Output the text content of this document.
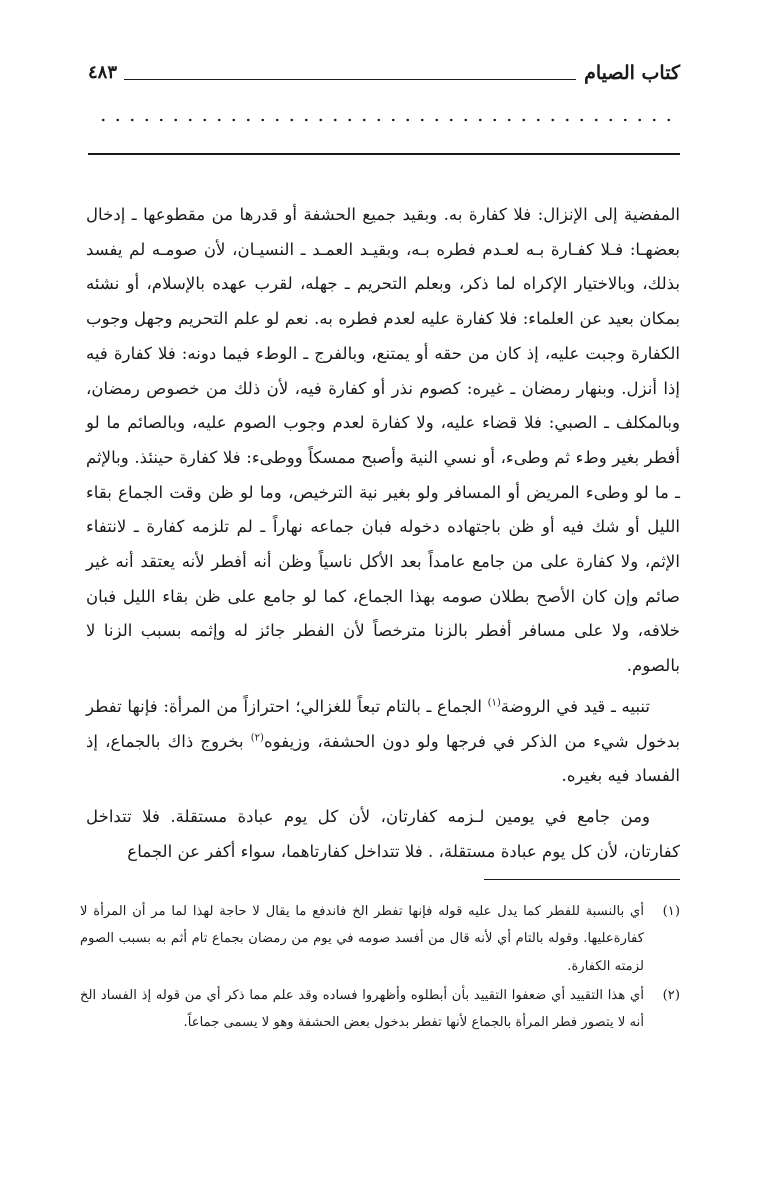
كتاب الصيام
٤٨٣

المفضية إلى الإنزال: فلا كفارة به. وبقيد جميع الحشفة أو قدرها من مقطوعها ـ إدخال بعضهـا: فـلا كفـارة بـه لعـدم فطره بـه، وبقيـد العمـد ـ النسيـان، لأن صومـه لم يفسد بذلك، وبالاختيار الإكراه لما ذكر، وبعلم التحريم ـ جهله، لقرب عهده بالإسلام، أو نشئه بمكان بعيد عن العلماء: فلا كفارة عليه لعدم فطره به. نعم لو علم التحريم وجهل وجوب الكفارة وجبت عليه، إذ كان من حقه أو يمتنع، وبالفرج ـ الوطء فيما دونه: فلا كفارة فيه إذا أنزل. وبنهار رمضان ـ غيره: كصوم نذر أو كفارة فيه، لأن ذلك من خصوص رمضان، وبالمكلف ـ الصبي: فلا قضاء عليه، ولا كفارة لعدم وجوب الصوم عليه، وبالصائم ما لو أفطر بغير وطء ثم وطىء، أو نسي النية وأصبح ممسكاً ووطىء: فلا كفارة حينئذ. وبالإثم ـ ما لو وطىء المريض أو المسافر ولو بغير نية الترخيص، وما لو ظن وقت الجماع بقاء الليل أو شك فيه أو ظن باجتهاده دخوله فبان جماعه نهاراً ـ لم تلزمه كفارة ـ لانتفاء الإثم، ولا كفارة على من جامع عامداً بعد الأكل ناسياً وظن أنه أفطر لأنه يعتقد أنه غير صائم وإن كان الأصح بطلان صومه بهذا الجماع، كما لو جامع على ظن بقاء الليل فبان خلافه، ولا على مسافر أفطر بالزنا مترخصاً لأن الفطر جائز له وإثمه بسبب الزنا لا بالصوم.

تنبيه ـ قيد في الروضة$^{(١)}$ الجماع ـ بالتام تبعاً للغزالي؛ احترازاً من المرأة: فإنها تفطر بدخول شيء من الذكر في فرجها ولو دون الحشفة، وزيفوه$^{(٢)}$ بخروج ذاك بالجماع، إذ الفساد فيه بغيره.

ومن جامع في يومين لـزمه كفارتان، لأن كل يوم عبادة مستقلة. فلا تتداخل كفارتان، لأن كل يوم عبادة مستقلة، . فلا تتداخل كفارتاهما، سواء أكفر عن الجماع

(١)
أي بالنسبة للفطر كما يدل عليه قوله فإنها تفطر الخ فاندفع ما يقال لا حاجة لهذا لما مر أن المرأة لا كفارةعليها. وقوله بالتام أي لأنه قال من أفسد صومه في يوم من رمضان بجماع تام أثم به بسبب الصوم لزمته الكفارة.
(٢)
أي هذا التقييد أي ضعفوا التقييد بأن أبطلوه وأظهروا فساده وقد علم مما ذكر أي من قوله إذ الفساد الخ أنه لا يتصور فطر المرأة بالجماع لأنها تفطر بدخول بعض الحشفة وهو لا يسمى جماعاً.
